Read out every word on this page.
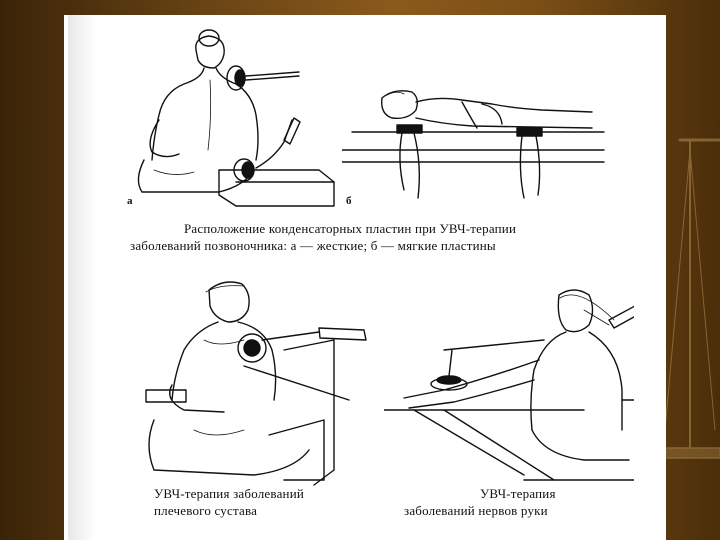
а	б
Расположение конденсаторных пластин при УВЧ-терапии
заболеваний позвоночника: а — жесткие; б — мягкие пластины
УВЧ-терапия заболеваний
плечевого сустава
УВЧ-терапия
заболеваний нервов руки
